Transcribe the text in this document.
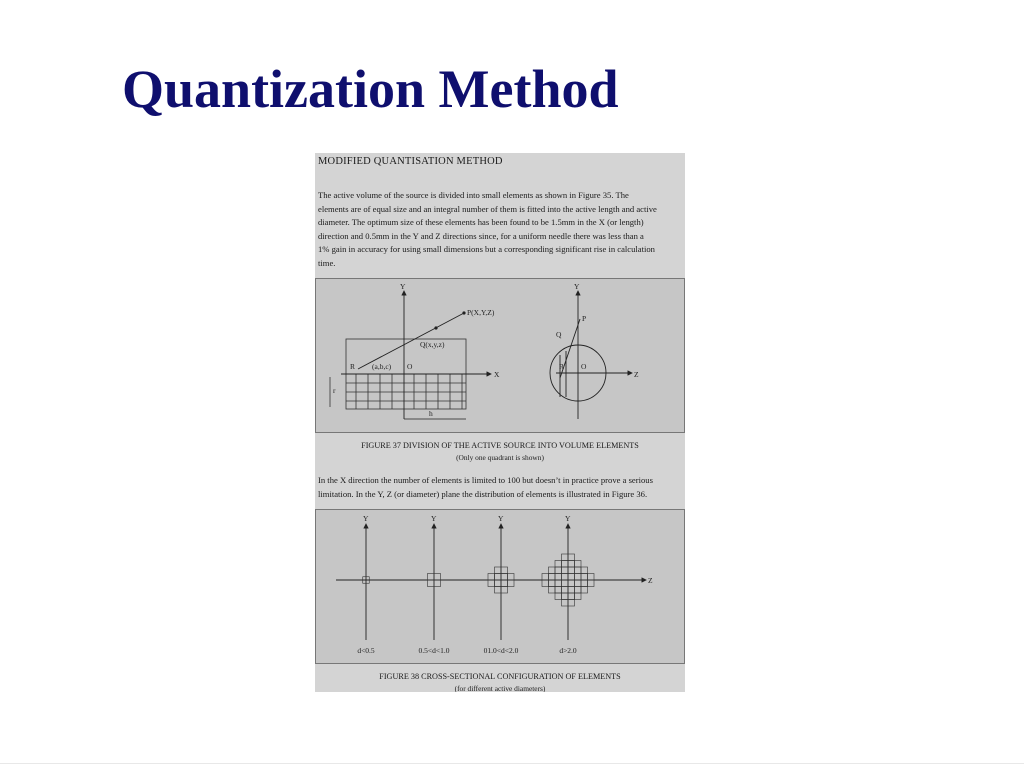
Quantization Method
MODIFIED QUANTISATION METHOD
The active volume of the source is divided into small elements as shown in Figure 35. The
elements are of equal size and an integral number of them is fitted into the active length and active
diameter. The optimum size of these elements has been found to be 1.5mm in the X (or length)
direction and 0.5mm in the Y and Z directions since, for a uniform needle there was less than a
1% gain in accuracy for using small dimensions but a corresponding significant rise in calculation
time.
Y
X
P(X,Y,Z)
Q(x,y,z)
R (a,b,c) O
r
h
Y
P
Q
R O
Z
FIGURE 37 DIVISION OF THE ACTIVE SOURCE INTO VOLUME ELEMENTS
(Only one quadrant is shown)
In the X direction the number of elements is limited to 100 but doesn’t in practice prove a serious
limitation. In the Y, Z (or diameter) plane the distribution of elements is illustrated in Figure 36.
Z
Y
d<0.5
Y
0.5<d<1.0
Y
01.0<d<2.0
Y
d>2.0
FIGURE 38 CROSS-SECTIONAL CONFIGURATION OF ELEMENTS
(for different active diameters)
